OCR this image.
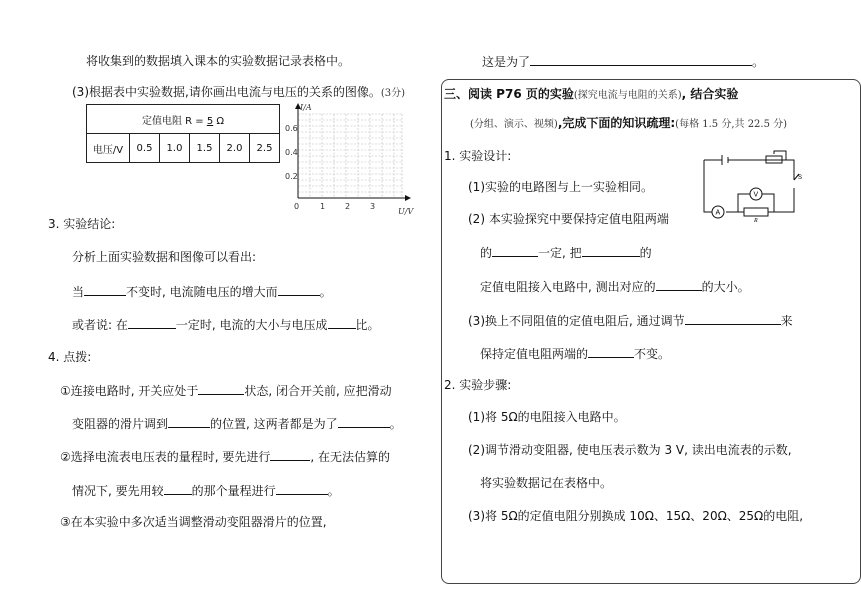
将收集到的数据填入课本的实验数据记录表格中。
(3)根据表中实验数据,请你画出电流与电压的关系的图像。(3分)
定值电阻 R = 5 Ω
电压/V	0.5	1.0	1.5	2.0	2.5
I/A
0.6
0.4
0.2
0	1 2 3
U/V
3. 实验结论:
分析上面实验数据和图像可以看出:
当	不变时, 电流随电压的增大而	。
或者说: 在	一定时, 电流的大小与电压成 比。
4. 点拨:
①连接电路时, 开关应处于	状态, 闭合开关前, 应把滑动
变阻器的滑片调到	的位置, 这两者都是为了	。
②选择电流表电压表的量程时, 要先进行	, 在无法估算的
情况下, 要先用较 的那个量程进行	。
③在本实验中多次适当调整滑动变阻器滑片的位置,
这是为了	。
三、阅读 P76 页的实验(探究电流与电阻的关系), 结合实验
(分组、演示、视频),完成下面的知识疏理:(每格 1.5 分,共 22.5 分)
1. 实验设计:
(1)实验的电路图与上一实验相同。
(2) 本实验探究中要保持定值电阻两端
的	一定, 把	的
定值电阻接入电路中, 测出对应的	的大小。
(3)换上不同阻值的定值电阻后, 通过调节	来
保持定值电阻两端的	不变。
S
A
V
R
2. 实验步骤:
(1)将 5Ω的电阻接入电路中。
(2)调节滑动变阻器, 使电压表示数为 3 V, 读出电流表的示数,
将实验数据记在表格中。
(3)将 5Ω的定值电阻分别换成 10Ω、15Ω、20Ω、25Ω的电阻,
